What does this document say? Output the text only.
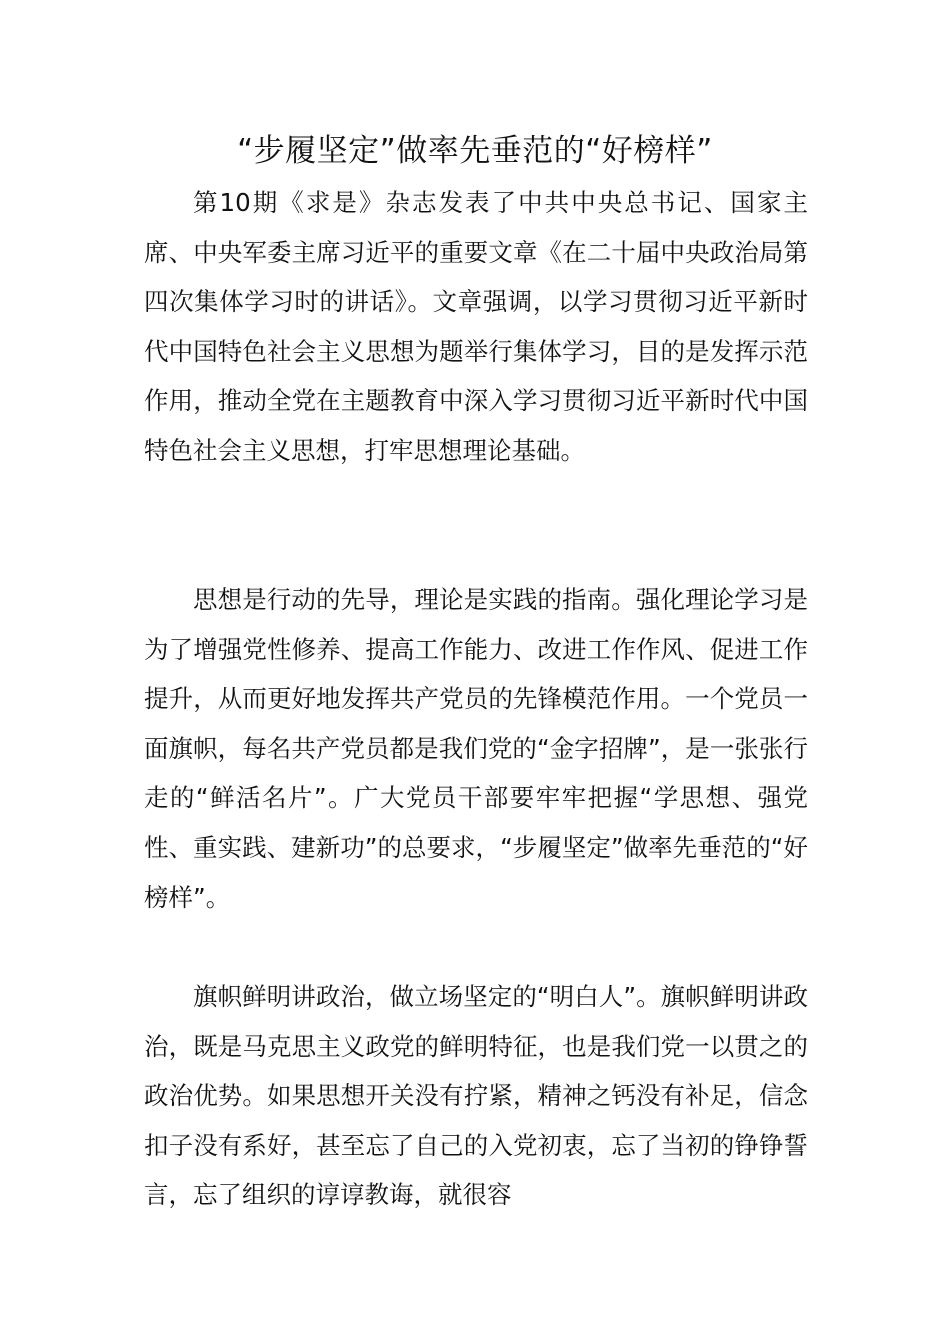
“步履坚定”做率先垂范的“好榜样”

第10期《求是》杂志发表了中共中央总书记、国家主席、中央军委主席习近平的重要文章《在二十届中央政治局第四次集体学习时的讲话》。文章强调，以学习贯彻习近平新时代中国特色社会主义思想为题举行集体学习，目的是发挥示范作用，推动全党在主题教育中深入学习贯彻习近平新时代中国特色社会主义思想，打牢思想理论基础。

思想是行动的先导，理论是实践的指南。强化理论学习是为了增强党性修养、提高工作能力、改进工作作风、促进工作提升，从而更好地发挥共产党员的先锋模范作用。一个党员一面旗帜，每名共产党员都是我们党的“金字招牌”，是一张张行走的“鲜活名片”。广大党员干部要牢牢把握“学思想、强党性、重实践、建新功”的总要求，“步履坚定”做率先垂范的“好榜样”。

旗帜鲜明讲政治，做立场坚定的“明白人”。旗帜鲜明讲政治，既是马克思主义政党的鲜明特征，也是我们党一以贯之的政治优势。如果思想开关没有拧紧，精神之钙没有补足，信念扣子没有系好，甚至忘了自己的入党初衷，忘了当初的铮铮誓言，忘了组织的谆谆教诲，就很容
